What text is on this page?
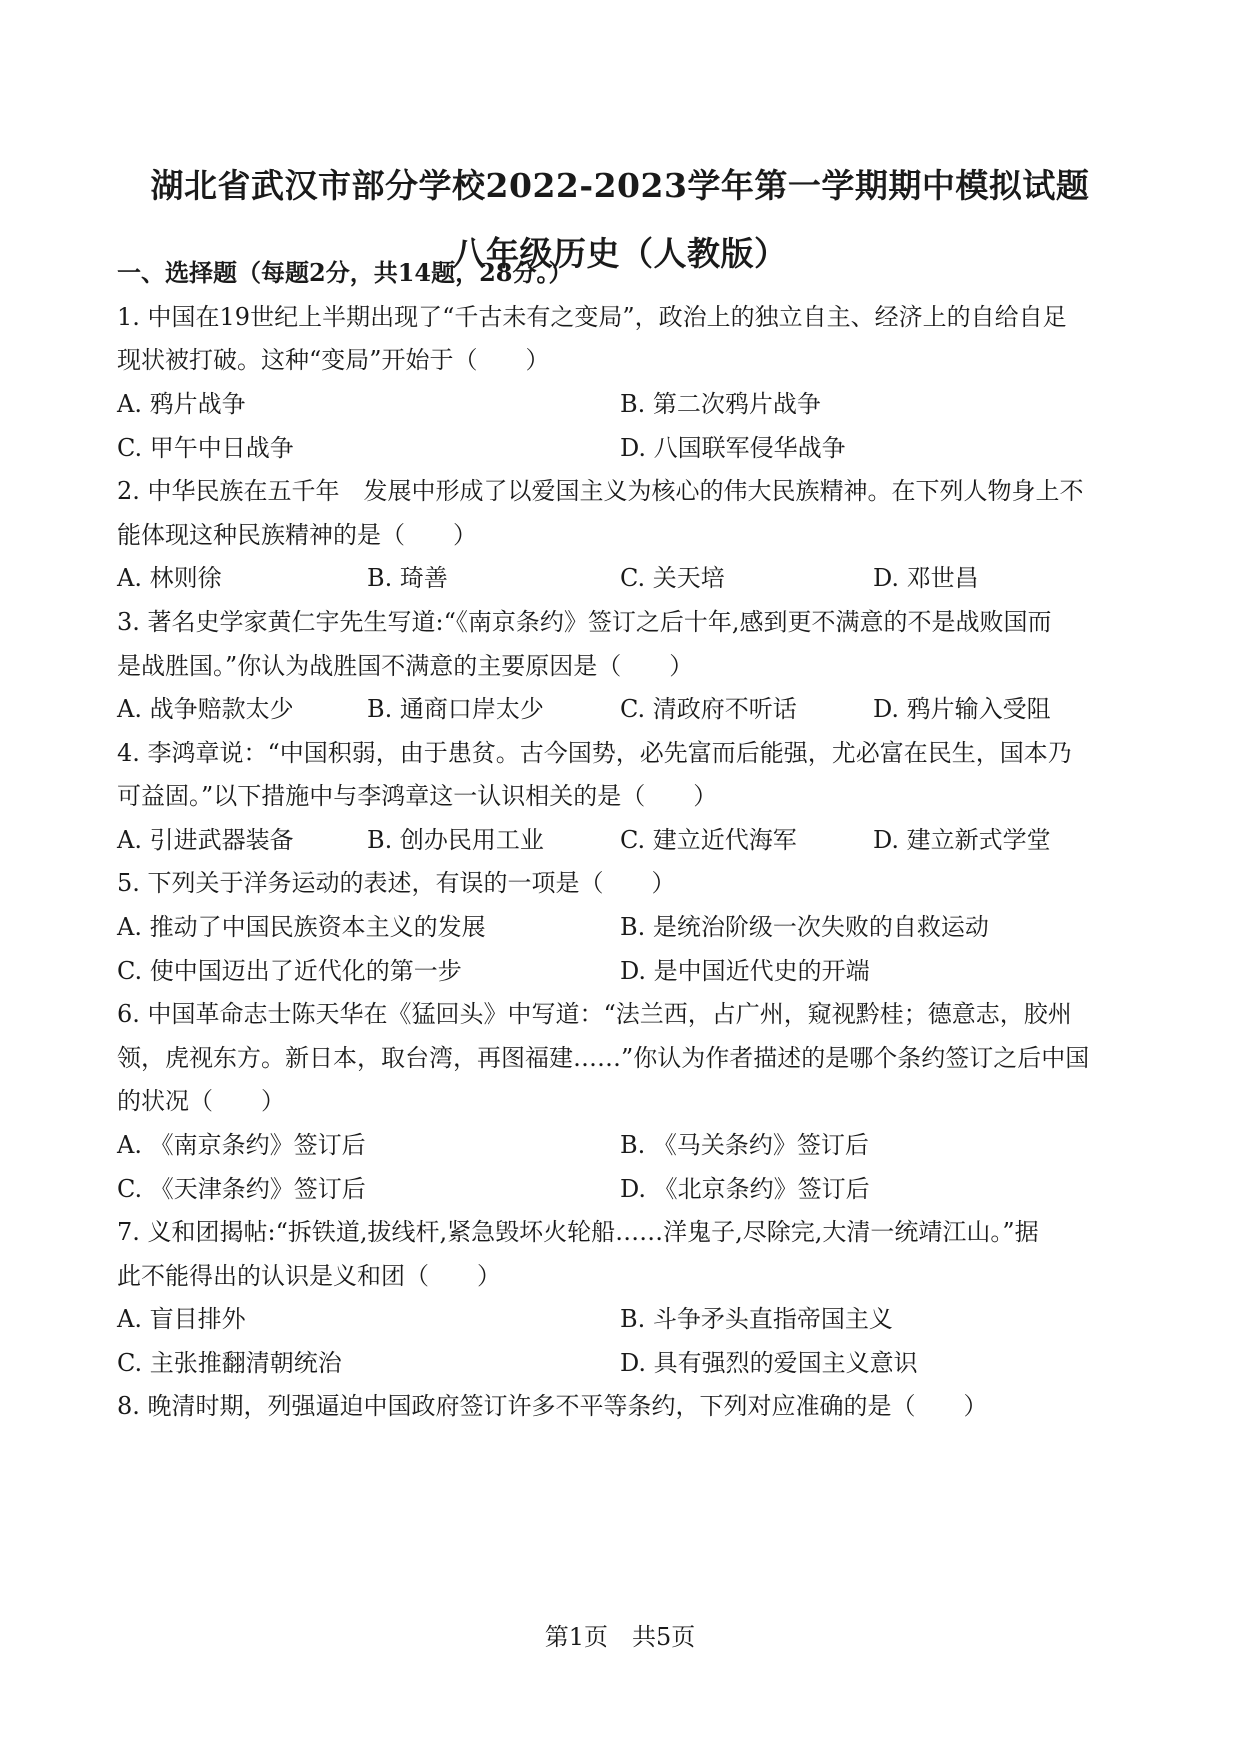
湖北省武汉市部分学校2022-2023学年第一学期期中模拟试题
八年级历史（人教版）
一、选择题（每题2分，共14题，28分。）
1. 中国在19世纪上半期出现了“千古未有之变局”，政治上的独立自主、经济上的自给自足
现状被打破。这种“变局”开始于（　　）
A. 鸦片战争	B. 第二次鸦片战争
C. 甲午中日战争	D. 八国联军侵华战争
2. 中华民族在五千年　发展中形成了以爱国主义为核心的伟大民族精神。在下列人物身上不
能体现这种民族精神的是（　　）
A. 林则徐	B. 琦善	C. 关天培	D. 邓世昌
3. 著名史学家黄仁宇先生写道:“《南京条约》签订之后十年,感到更不满意的不是战败国而
是战胜国。”你认为战胜国不满意的主要原因是（　　）
A. 战争赔款太少	B. 通商口岸太少	C. 清政府不听话	D. 鸦片输入受阻
4. 李鸿章说：“中国积弱，由于患贫。古今国势，必先富而后能强，尤必富在民生，国本乃
可益固。”以下措施中与李鸿章这一认识相关的是（　　）
A. 引进武器装备	B. 创办民用工业	C. 建立近代海军	D. 建立新式学堂
5. 下列关于洋务运动的表述，有误的一项是（　　）
A. 推动了中国民族资本主义的发展	B. 是统治阶级一次失败的自救运动
C. 使中国迈出了近代化的第一步	D. 是中国近代史的开端
6. 中国革命志士陈天华在《猛回头》中写道：“法兰西，占广州，窥视黔桂；德意志，胶州
领，虎视东方。新日本，取台湾，再图福建……”你认为作者描述的是哪个条约签订之后中国
的状况（　　）
A. 《南京条约》签订后	B. 《马关条约》签订后
C. 《天津条约》签订后	D. 《北京条约》签订后
7. 义和团揭帖:“拆铁道,拔线杆,紧急毁坏火轮船……洋鬼子,尽除完,大清一统靖江山。”据
此不能得出的认识是义和团（　　）
A. 盲目排外	B. 斗争矛头直指帝国主义
C. 主张推翻清朝统治	D. 具有强烈的爱国主义意识
8. 晚清时期，列强逼迫中国政府签订许多不平等条约，下列对应准确的是（　　）
第1页　共5页
